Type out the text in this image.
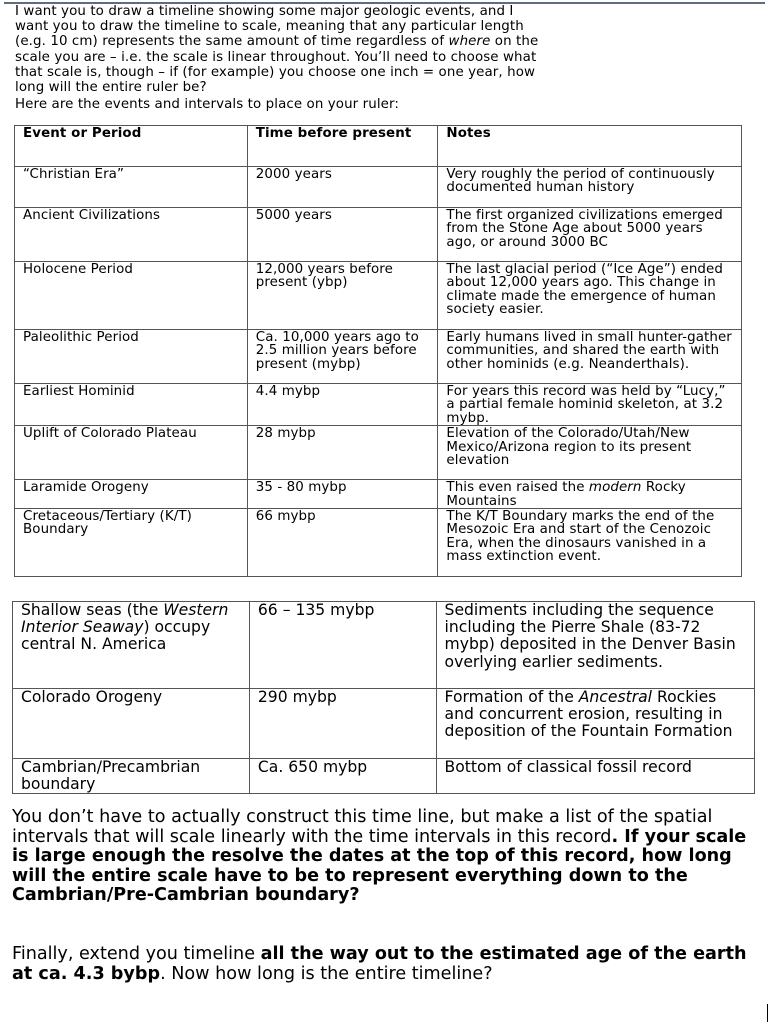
I want you to draw a timeline showing some major geologic events, and I

want you to draw the timeline to scale, meaning that any particular length

(e.g. 10 cm) represents the same amount of time regardless of where on the

scale you are – i.e. the scale is linear throughout. You’ll need to choose what

that scale is, though – if (for example) you choose one inch = one year, how

long will the entire ruler be?

Here are the events and intervals to place on your ruler:

Event or Period	Time before present	Notes
“Christian Era”	2000 years	Very roughly the period of continuously documented human history
Ancient Civilizations	5000 years	The first organized civilizations emerged from the Stone Age about 5000 years ago, or around 3000 BC
Holocene Period	12,000 years before present (ybp)	The last glacial period (“Ice Age”) ended about 12,000 years ago. This change in climate made the emergence of human society easier.
Paleolithic Period	Ca. 10,000 years ago to 2.5 million years before present (mybp)	Early humans lived in small hunter-gather communities, and shared the earth with other hominids (e.g. Neanderthals).
Earliest Hominid	4.4 mybp	For years this record was held by “Lucy,” a partial female hominid skeleton, at 3.2 mybp.
Uplift of Colorado Plateau	28 mybp	Elevation of the Colorado/Utah/New Mexico/Arizona region to its present elevation
Laramide Orogeny	35 - 80 mybp	This even raised the modern Rocky Mountains
Cretaceous/Tertiary (K/T) Boundary	66 mybp	The K/T Boundary marks the end of the Mesozoic Era and start of the Cenozoic Era, when the dinosaurs vanished in a mass extinction event.
Shallow seas (the Western Interior Seaway) occupy central N. America	66 – 135 mybp	Sediments including the sequence including the Pierre Shale (83-72 mybp) deposited in the Denver Basin overlying earlier sediments.
Colorado Orogeny	290 mybp	Formation of the Ancestral Rockies and concurrent erosion, resulting in deposition of the Fountain Formation
Cambrian/Precambrian boundary	Ca. 650 mybp	Bottom of classical fossil record

You don’t have to actually construct this time line, but make a list of the spatial intervals that will scale linearly with the time intervals in this record. If your scale is large enough the resolve the dates at the top of this record, how long will the entire scale have to be to represent everything down to the Cambrian/Pre-Cambrian boundary?

Finally, extend you timeline all the way out to the estimated age of the earth at ca. 4.3 bybp. Now how long is the entire timeline?
